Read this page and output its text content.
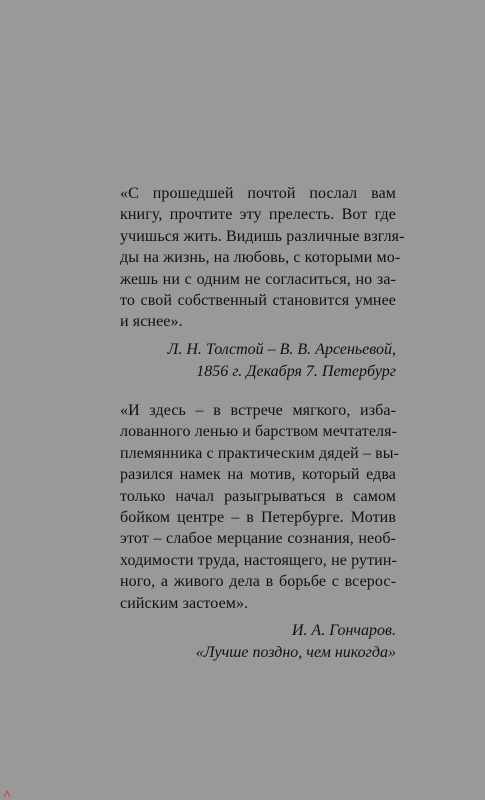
«С прошедшей почтой послал вам
книгу, прочтите эту прелесть. Вот где
учишься жить. Видишь различные взгля-
ды на жизнь, на любовь, с которыми мо-
жешь ни с одним не согласиться, но за-
то свой собственный становится умнее
и яснее».
Л. Н. Толстой – В. В. Арсеньевой,
1856 г. Декабря 7. Петербург
«И здесь – в встрече мягкого, изба-
лованного ленью и барством мечтателя-
племянника с практическим дядей – вы-
разился намек на мотив, который едва
только начал разыгрываться в самом
бойком центре – в Петербурге. Мотив
этот – слабое мерцание сознания, необ-
ходимости труда, настоящего, не рутин-
ного, а живого дела в борьбе с всерос-
сийским застоем».
И. А. Гончаров.
«Лучше поздно, чем никогда»
